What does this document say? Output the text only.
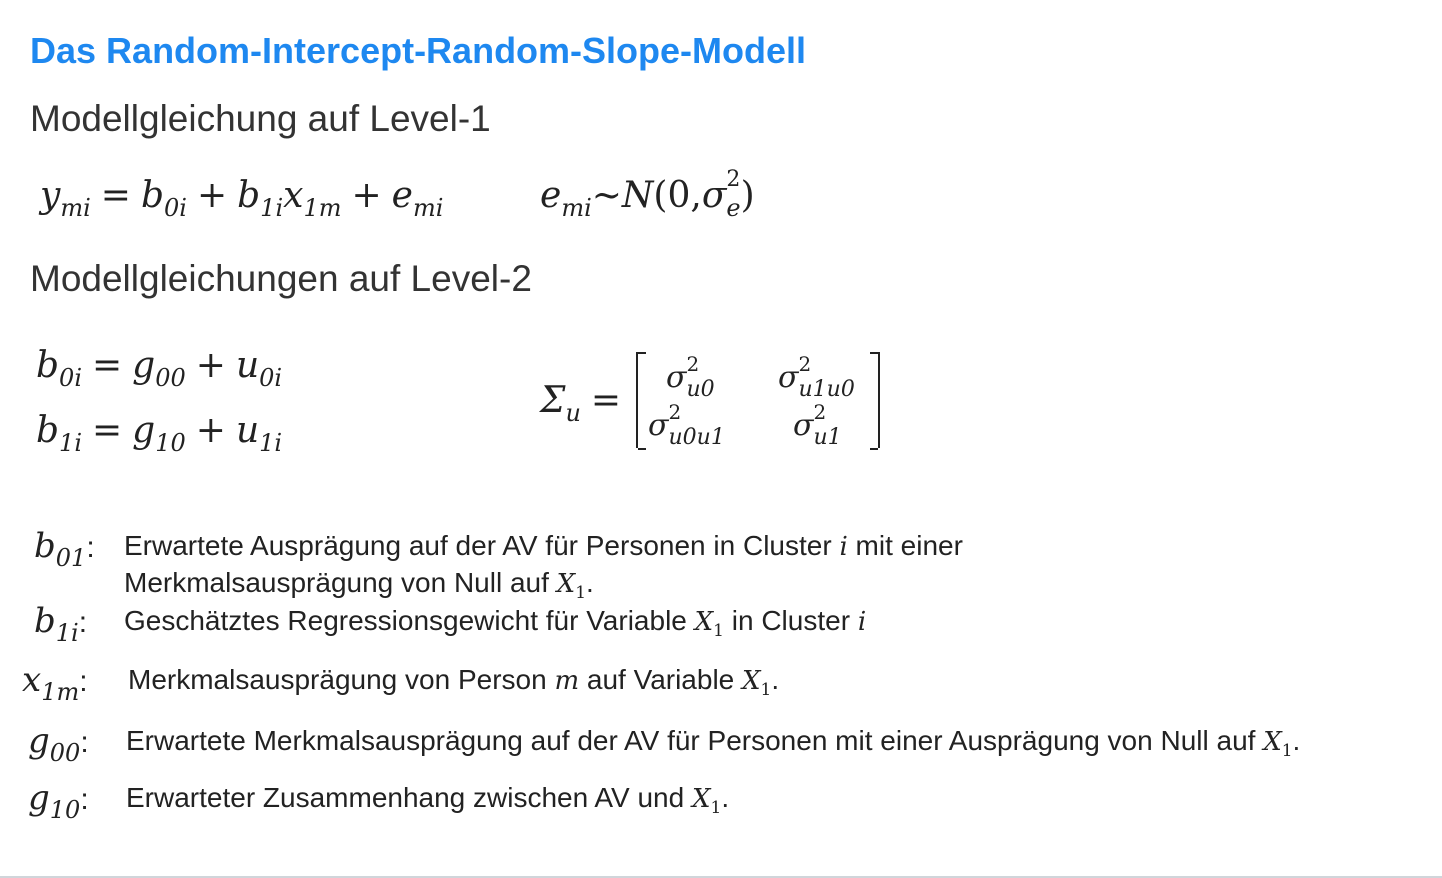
Das Random-Intercept-Random-Slope-Modell
Modellgleichung auf Level-1
$y_{mi} = b_{0i} + b_{1i}x_{1m} + e_{mi}$	$e_{mi}\sim N(0,\sigma$ 2
$_e$)
Modellgleichungen auf Level-2
$b_{0i} = g_{00} + u_{0i}$
$b_{1i} = g_{10} + u_{1i}$
$\Sigma_u$ =
σ 2
$_{u0}$ σ 2
$_{u1u0}$
σ 2
$_{u0u1}$ σ 2
$_{u1}$
$b_{01}$: Erwartete Ausprägung auf der AV für Personen in Cluster i mit einer
Merkmalsausprägung von Null auf $X_1$.
$b_{1i}$: Geschätztes Regressionsgewicht für Variable $X_1$ in Cluster i
$x_{1m}$: Merkmalsausprägung von Person m auf Variable $X_1$.
$g_{00}$: Erwartete Merkmalsausprägung auf der AV für Personen mit einer Ausprägung von Null auf $X_1$.
$g_{10}$: Erwarteter Zusammenhang zwischen AV und $X_1$.
